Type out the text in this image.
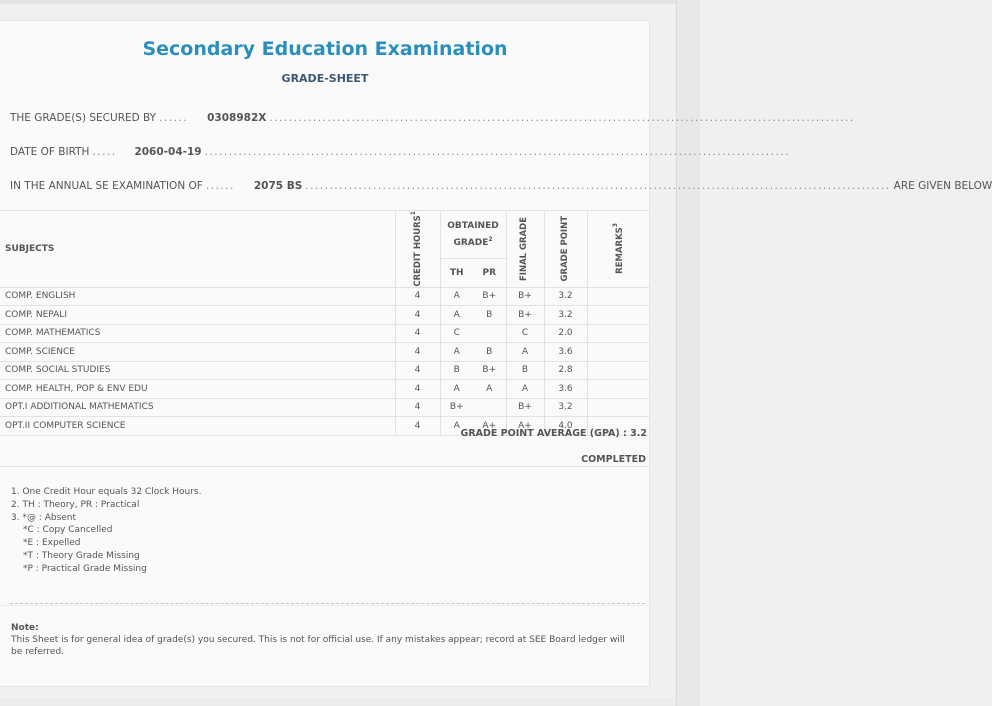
Secondary Education Examination
GRADE-SHEET
THE GRADE(S) SECURED BY ......	0308982X .........................................................................................................................
DATE OF BIRTH .....	2060-04-19 .........................................................................................................................
IN THE ANNUAL SE EXAMINATION OF ......	2075 BS ......................................................................................................................... ARE GIVEN BELOW
SUBJECTS	CREDIT HOURS$^1$	OBTAINED GRADE$^2$		FINAL GRADE	GRADE POINT	REMARKS$^3$

		TH	PR			
COMP. ENGLISH	4	A	B+	B+	3.2	
COMP. NEPALI	4	A	B	B+	3.2	
COMP. MATHEMATICS	4	C		C	2.0	
COMP. SCIENCE	4	A	B	A	3.6	
COMP. SOCIAL STUDIES	4	B	B+	B	2.8	
COMP. HEALTH, POP & ENV EDU	4	A	A	A	3.6	
OPT.I ADDITIONAL MATHEMATICS	4	B+		B+	3.2	
OPT.II COMPUTER SCIENCE	4	A	A+	A+	4.0	
COMPLETED
1. One Credit Hour equals 32 Clock Hours.
2. TH : Theory, PR : Practical
3. *@ : Absent
*C : Copy Cancelled
*E : Expelled
*T : Theory Grade Missing
*P : Practical Grade Missing
Note:
This Sheet is for general idea of grade(s) you secured. This is not for official use. If any mistakes appear; record at SEE Board ledger will be referred.
GRADE POINT AVERAGE (GPA) : 3.2
